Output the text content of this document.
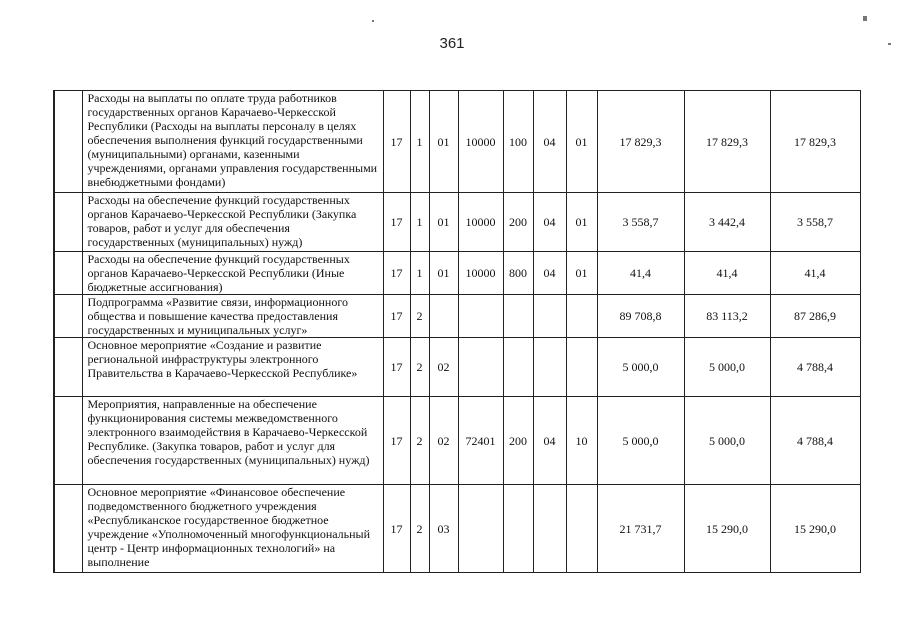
361
	Расходы на выплаты по оплате труда работников государственных органов Карачаево-Черкесской Республики (Расходы на выплаты персоналу в целях обеспечения выполнения функций государственными (муниципальными) органами, казенными учреждениями, органами управления государственными внебюджетными фондами)	17	1	01	10000	100	04	01	17 829,3	17 829,3	17 829,3
	Расходы на обеспечение функций государственных органов Карачаево-Черкесской Республики (Закупка товаров, работ и услуг для обеспечения государственных (муниципальных) нужд)	17	1	01	10000	200	04	01	3 558,7	3 442,4	3 558,7
	Расходы на обеспечение функций государственных органов Карачаево-Черкесской Республики (Иные бюджетные ассигнования)	17	1	01	10000	800	04	01	41,4	41,4	41,4
	Подпрограмма «Развитие связи, информационного общества и повышение качества предоставления государственных и муниципальных услуг»	17	2						89 708,8	83 113,2	87 286,9
	Основное мероприятие «Создание и развитие региональной инфраструктуры электронного Правительства в Карачаево-Черкесской Республике»	17	2	02					5 000,0	5 000,0	4 788,4
	Мероприятия, направленные на обеспечение функционирования системы межведомственного электронного взаимодействия в Карачаево-Черкесской Республике. (Закупка товаров, работ и услуг для обеспечения государственных (муниципальных) нужд)	17	2	02	72401	200	04	10	5 000,0	5 000,0	4 788,4
	Основное мероприятие «Финансовое обеспечение подведомственного бюджетного учреждения «Республиканское государственное бюджетное учреждение «Уполномоченный многофункциональный центр - Центр информационных технологий» на выполнение	17	2	03					21 731,7	15 290,0	15 290,0
